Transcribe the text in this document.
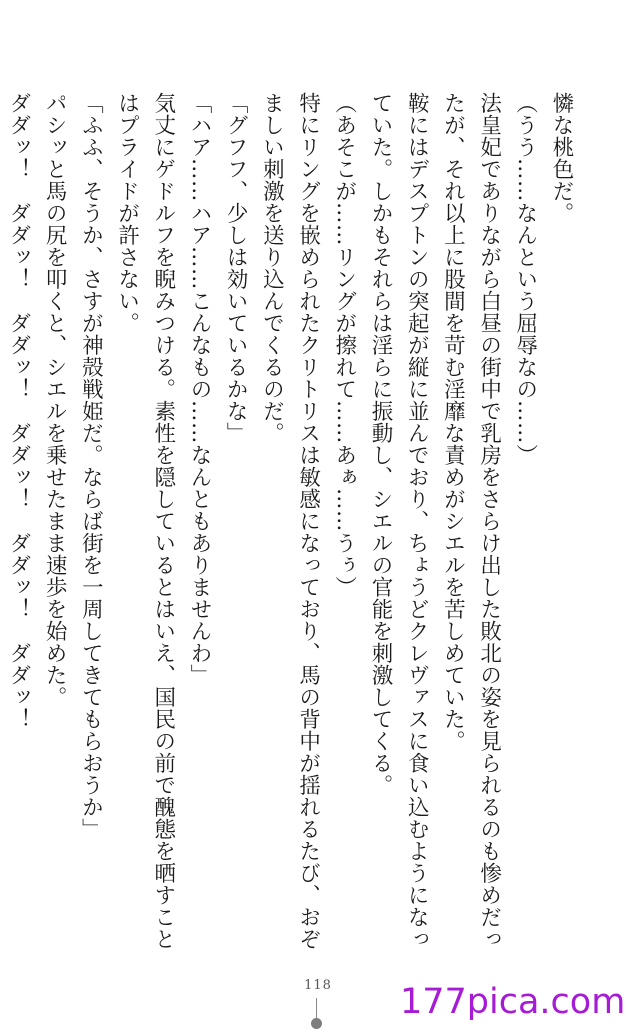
憐な桃色だ。

（うう……なんという屈辱なの……）

法皇妃でありながら白昼の街中で乳房をさらけ出した敗北の姿を見られるのも惨めだっ

たが、それ以上に股間を苛む淫靡な責めがシエルを苦しめていた。

鞍にはデスプトンの突起が縦に並んでおり、ちょうどクレヴァスに食い込むようになっ

ていた。しかもそれらは淫らに振動し、シエルの官能を刺激してくる。

（あそこが……リングが擦れて……あぁ……うぅ）

特にリングを嵌められたクリトリスは敏感になっており、馬の背中が揺れるたび、おぞ

ましい刺激を送り込んでくるのだ。

「グフフ、少しは効いているかな」

「ハア……ハア……こんなもの……なんともありませんわ」

気丈にゲドルフを睨みつける。素性を隠しているとはいえ、国民の前で醜態を晒すこと

はプライドが許さない。

「ふふ、そうか、さすが神殻戦姫だ。ならば街を一周してきてもらおうか」

パシッと馬の尻を叩くと、シエルを乗せたまま速歩を始めた。

ダダッ！　ダダッ！　ダダッ！　ダダッ！　ダダッ！　ダダッ！

118 177pica.com
